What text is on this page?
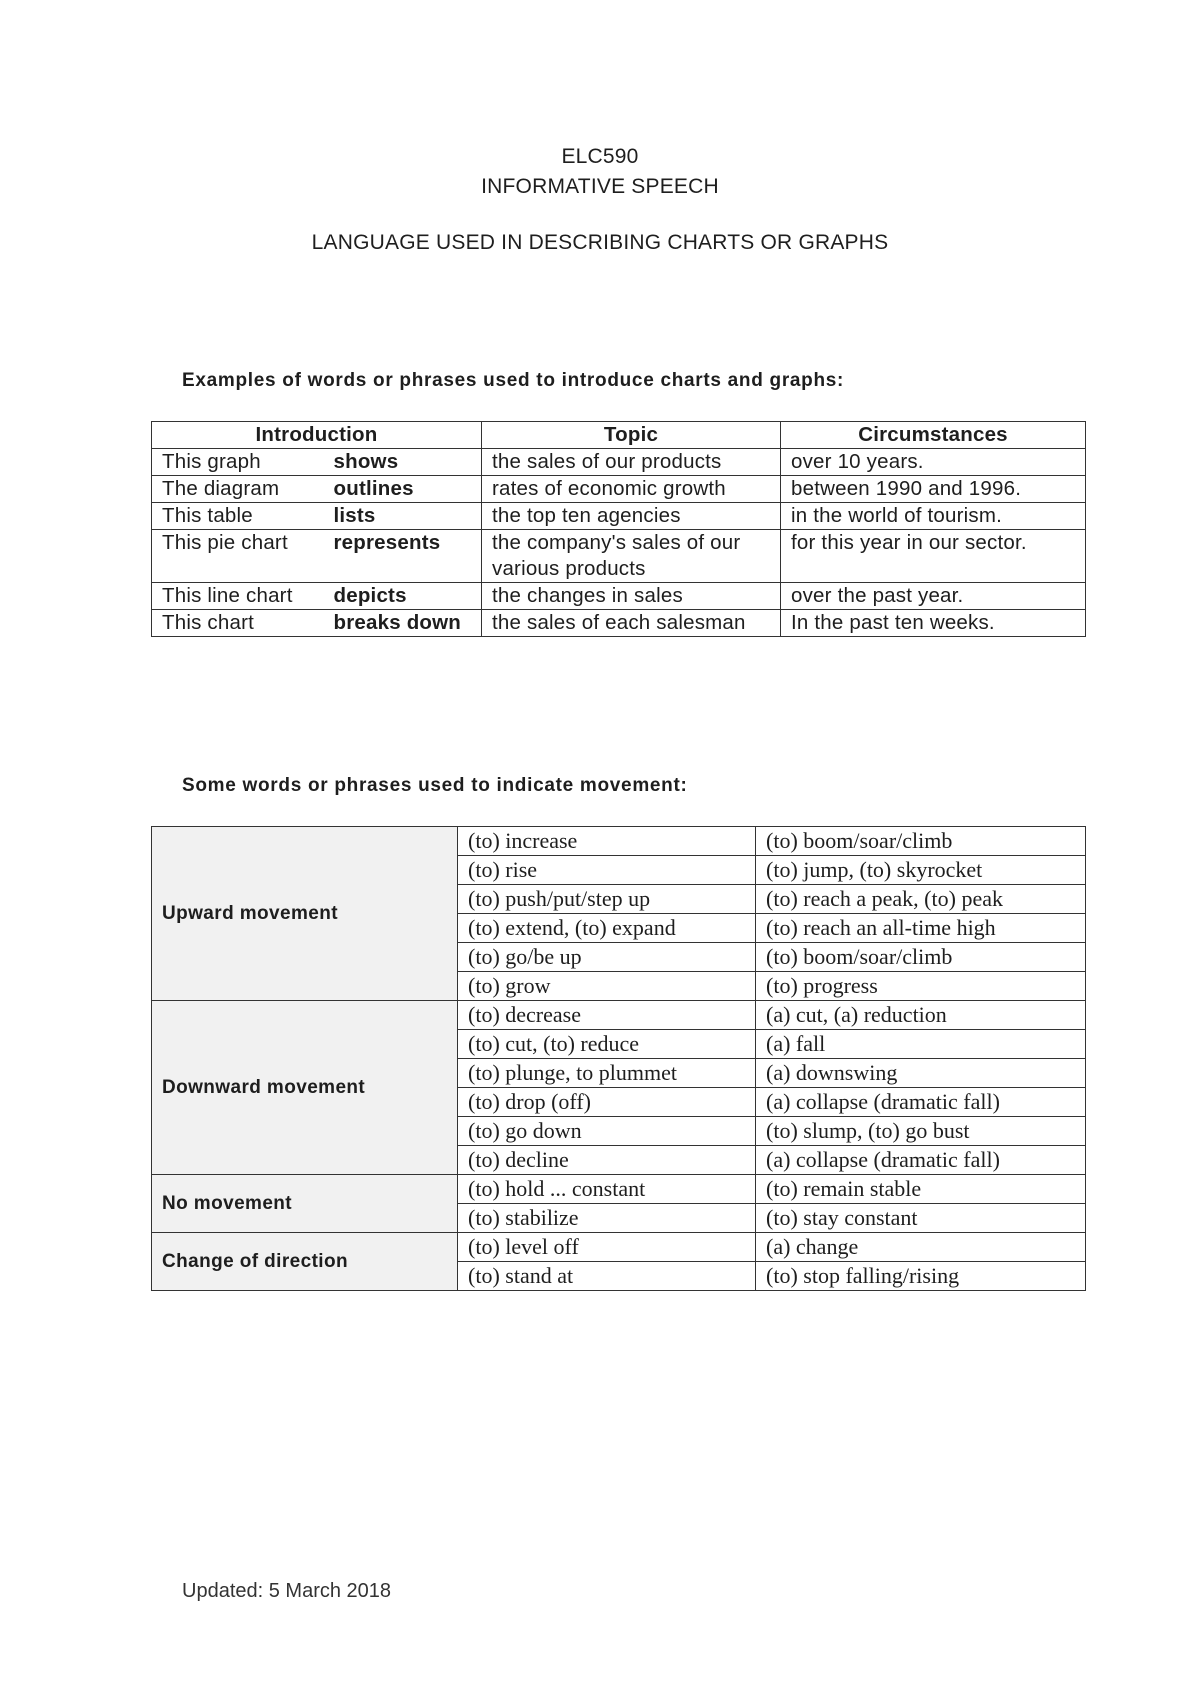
ELC590
INFORMATIVE SPEECH
LANGUAGE USED IN DESCRIBING CHARTS OR GRAPHS
Examples of words or phrases used to introduce charts and graphs:
Introduction		Topic	Circumstances
This graph	shows	the sales of our products	over 10 years.
The diagram	outlines	rates of economic growth	between 1990 and 1996.
This table	lists	the top ten agencies	in the world of tourism.
This pie chart	represents	the company's sales of our various products	for this year in our sector.
This line chart	depicts	the changes in sales	over the past year.
This chart	breaks down	the sales of each salesman	In the past ten weeks.
Some words or phrases used to indicate movement:
Upward movement	(to) increase	(to) boom/soar/climb
	(to) rise	(to) jump, (to) skyrocket
	(to) push/put/step up	(to) reach a peak, (to) peak
	(to) extend, (to) expand	(to) reach an all-time high
	(to) go/be up	(to) boom/soar/climb
	(to) grow	(to) progress
Downward movement	(to) decrease	(a) cut, (a) reduction
	(to) cut, (to) reduce	(a) fall
	(to) plunge, to plummet	(a) downswing
	(to) drop (off)	(a) collapse (dramatic fall)
	(to) go down	(to) slump, (to) go bust
	(to) decline	(a) collapse (dramatic fall)
No movement	(to) hold ... constant	(to) remain stable
	(to) stabilize	(to) stay constant
Change of direction	(to) level off	(a) change
	(to) stand at	(to) stop falling/rising
Updated: 5 March 2018
